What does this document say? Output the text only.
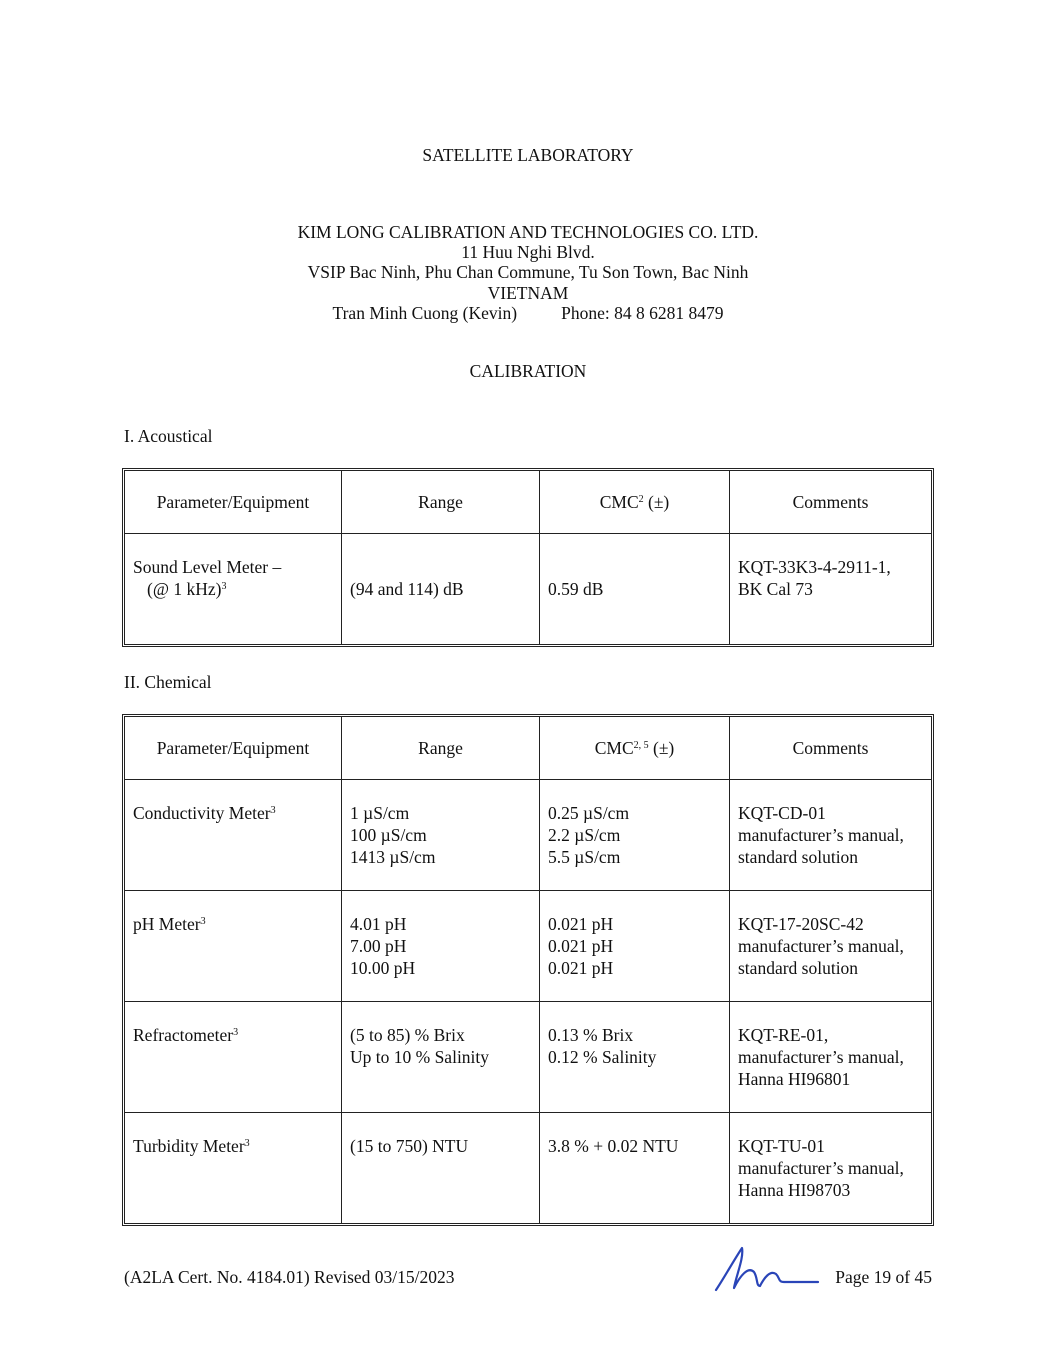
SATELLITE LABORATORY
KIM LONG CALIBRATION AND TECHNOLOGIES CO. LTD.
11 Huu Nghi Blvd.
VSIP Bac Ninh, Phu Chan Commune, Tu Son Town, Bac Ninh
VIETNAM
Tran Minh Cuong (Kevin)	Phone: 84 8 6281 8479
CALIBRATION
I. Acoustical
Parameter/Equipment	Range	CMC$^2$ (±)	Comments

Sound Level Meter –
(@ 1 kHz)$^3$	(94 and 114) dB	0.59 dB	KQT-33K3-4-2911-1,
BK Cal 73
II. Chemical
Parameter/Equipment	Range	CMC$^{2, 5}$ (±)	Comments
Conductivity Meter$^3$	1 µS/cm
100 µS/cm
1413 µS/cm	0.25 µS/cm
2.2 µS/cm
5.5 µS/cm	KQT-CD-01
manufacturer’s manual,
standard solution

pH Meter$^3$	4.01 pH
7.00 pH
10.00 pH	0.021 pH
0.021 pH
0.021 pH	KQT-17-20SC-42
manufacturer’s manual,
standard solution

Refractometer$^3$	(5 to 85) % Brix
Up to 10 % Salinity	0.13 % Brix
0.12 % Salinity	KQT-RE-01,
manufacturer’s manual,
Hanna HI96801

Turbidity Meter$^3$	(15 to 750) NTU	3.8 % + 0.02 NTU	KQT-TU-01
manufacturer’s manual,
Hanna HI98703
(A2LA Cert. No. 4184.01) Revised 03/15/2023	Page 19 of 45
